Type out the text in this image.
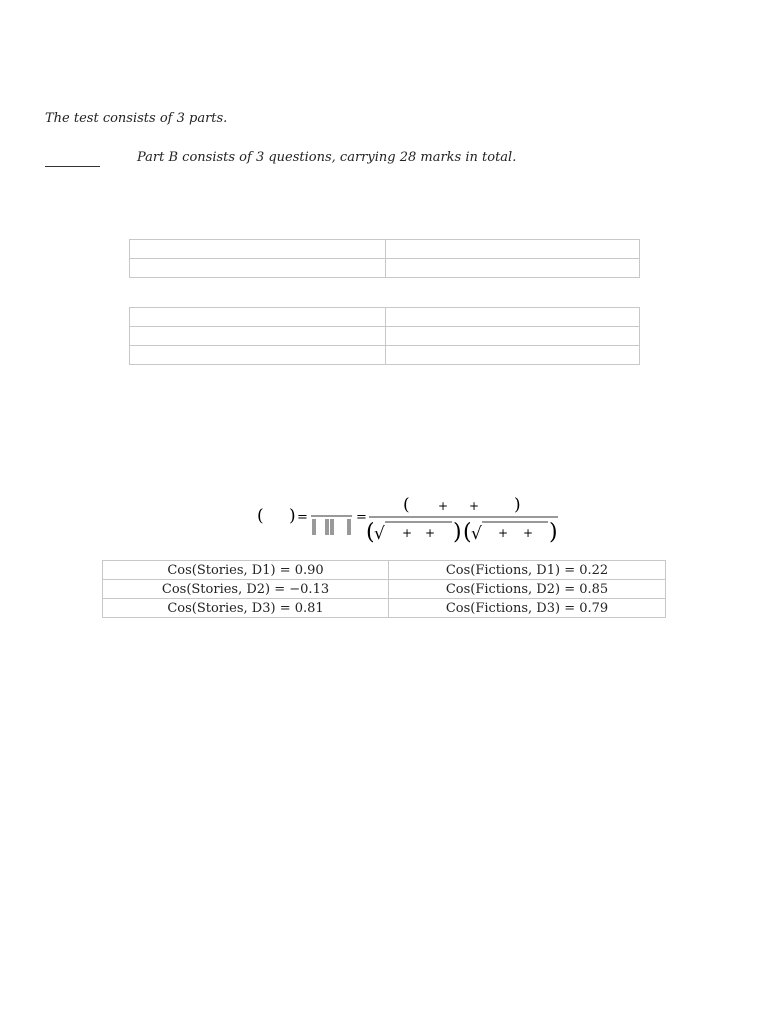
The test consists of 3 parts.
Part B consists of 3 questions, carrying 28 marks in total.

( ) =	=
( + + )
( √ + + ) ( √ + + )
Cos(Stories, D1) = 0.90	Cos(Fictions, D1) = 0.22
Cos(Stories, D2) = −0.13	Cos(Fictions, D2) = 0.85
Cos(Stories, D3) = 0.81	Cos(Fictions, D3) = 0.79
